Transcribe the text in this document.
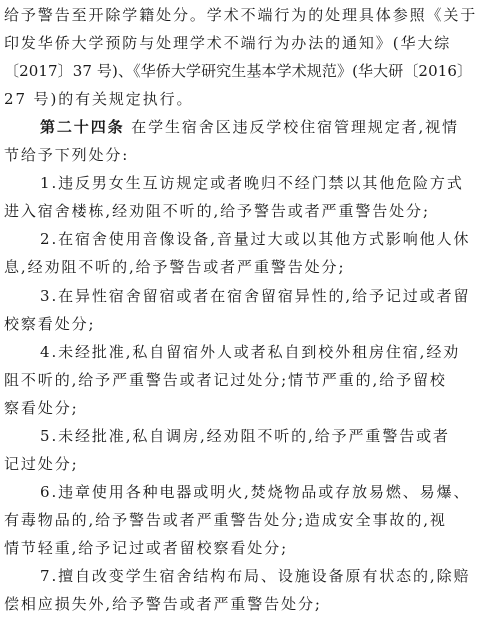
给予警告至开除学籍处分。学术不端行为的处理具体参照《关于
印发华侨大学预防与处理学术不端行为办法的通知》(华大综
〔2017〕37 号)、《华侨大学研究生基本学术规范》(华大研〔2016〕
27 号)的有关规定执行。
第二十四条 在学生宿舍区违反学校住宿管理规定者,视情
节给予下列处分:
1.违反男女生互访规定或者晚归不经门禁以其他危险方式
进入宿舍楼栋,经劝阻不听的,给予警告或者严重警告处分;
2.在宿舍使用音像设备,音量过大或以其他方式影响他人休
息,经劝阻不听的,给予警告或者严重警告处分;
3.在异性宿舍留宿或者在宿舍留宿异性的,给予记过或者留
校察看处分;
4.未经批准,私自留宿外人或者私自到校外租房住宿,经劝
阻不听的,给予严重警告或者记过处分;情节严重的,给予留校
察看处分;
5.未经批准,私自调房,经劝阻不听的,给予严重警告或者
记过处分;
6.违章使用各种电器或明火,焚烧物品或存放易燃、易爆、
有毒物品的,给予警告或者严重警告处分;造成安全事故的,视
情节轻重,给予记过或者留校察看处分;
7.擅自改变学生宿舍结构布局、设施设备原有状态的,除赔
偿相应损失外,给予警告或者严重警告处分;
